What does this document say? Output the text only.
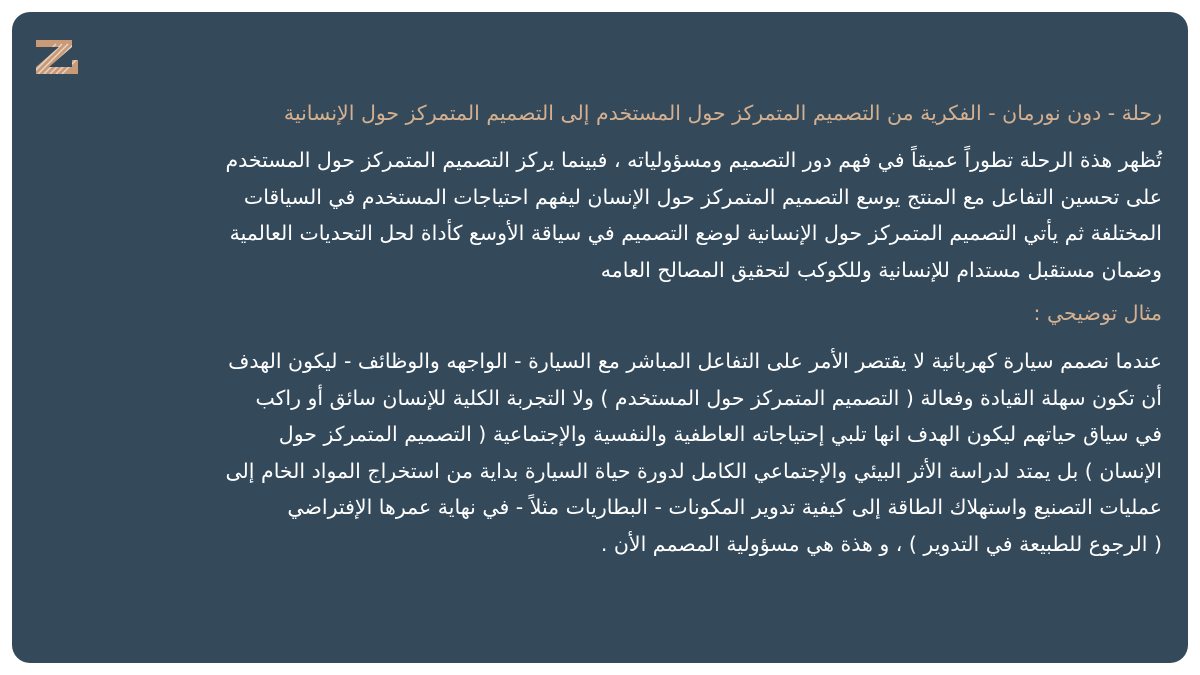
رحلة - دون نورمان - الفكرية من التصميم المتمركز حول المستخدم إلى التصميم المتمركز حول الإنسانية

تُظهر هذة الرحلة تطوراً عميقاً في فهم دور التصميم ومسؤولياته ، فبينما يركز التصميم المتمركز حول المستخدم
على تحسين التفاعل مع المنتج يوسع التصميم المتمركز حول الإنسان ليفهم احتياجات المستخدم في السياقات
المختلفة ثم يأتي التصميم المتمركز حول الإنسانية لوضع التصميم في سياقة الأوسع كأداة لحل التحديات العالمية
وضمان مستقبل مستدام للإنسانية وللكوكب لتحقيق المصالح العامه

مثال توضيحي :

عندما نصمم سيارة كهربائية لا يقتصر الأمر على التفاعل المباشر مع السيارة - الواجهه والوظائف - ليكون الهدف
أن تكون سهلة القيادة وفعالة ( التصميم المتمركز حول المستخدم ) ولا التجربة الكلية للإنسان سائق أو راكب
في سياق حياتهم ليكون الهدف انها تلبي إحتياجاته العاطفية والنفسية والإجتماعية ( التصميم المتمركز حول
الإنسان ) بل يمتد لدراسة الأثر البيئي والإجتماعي الكامل لدورة حياة السيارة بداية من استخراج المواد الخام إلى
عمليات التصنيع واستهلاك الطاقة إلى كيفية تدوير المكونات - البطاريات مثلاً - في نهاية عمرها الإفتراضي
( الرجوع للطبيعة في التدوير ) ، و هذة هي مسؤولية المصمم الأن .
